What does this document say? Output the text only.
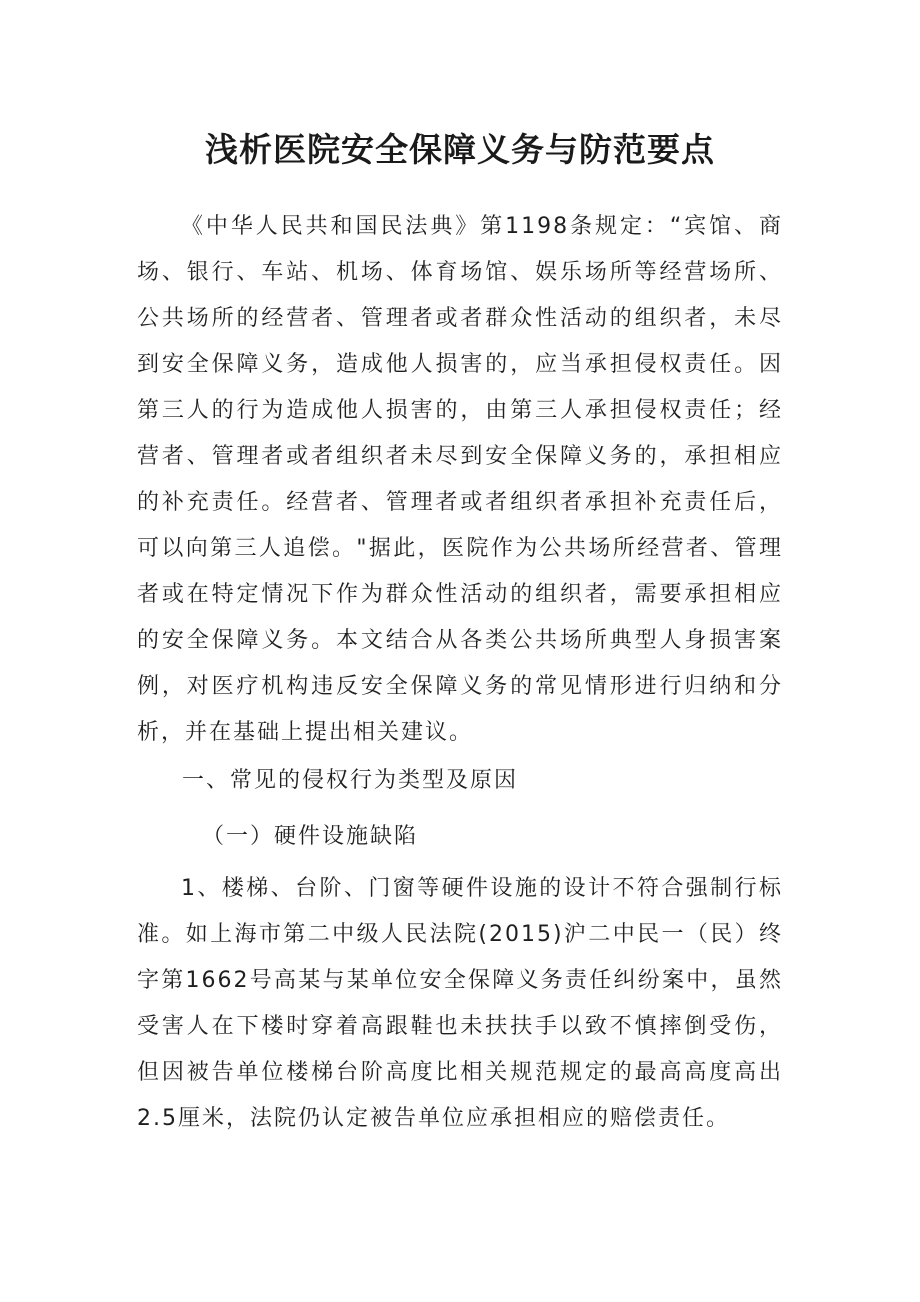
浅析医院安全保障义务与防范要点

《中华人民共和国民法典》第1198条规定：“宾馆、商场、银行、车站、机场、体育场馆、娱乐场所等经营场所、公共场所的经营者、管理者或者群众性活动的组织者，未尽到安全保障义务，造成他人损害的，应当承担侵权责任。因第三人的行为造成他人损害的，由第三人承担侵权责任；经营者、管理者或者组织者未尽到安全保障义务的，承担相应的补充责任。经营者、管理者或者组织者承担补充责任后，可以向第三人追偿。"据此，医院作为公共场所经营者、管理者或在特定情况下作为群众性活动的组织者，需要承担相应的安全保障义务。本文结合从各类公共场所典型人身损害案例，对医疗机构违反安全保障义务的常见情形进行归纳和分析，并在基础上提出相关建议。

一、常见的侵权行为类型及原因

（一）硬件设施缺陷

1、楼梯、台阶、门窗等硬件设施的设计不符合强制行标准。如上海市第二中级人民法院(2015)沪二中民一（民）终字第1662号高某与某单位安全保障义务责任纠纷案中，虽然受害人在下楼时穿着高跟鞋也未扶扶手以致不慎摔倒受伤，但因被告单位楼梯台阶高度比相关规范规定的最高高度高出2.5厘米，法院仍认定被告单位应承担相应的赔偿责任。
